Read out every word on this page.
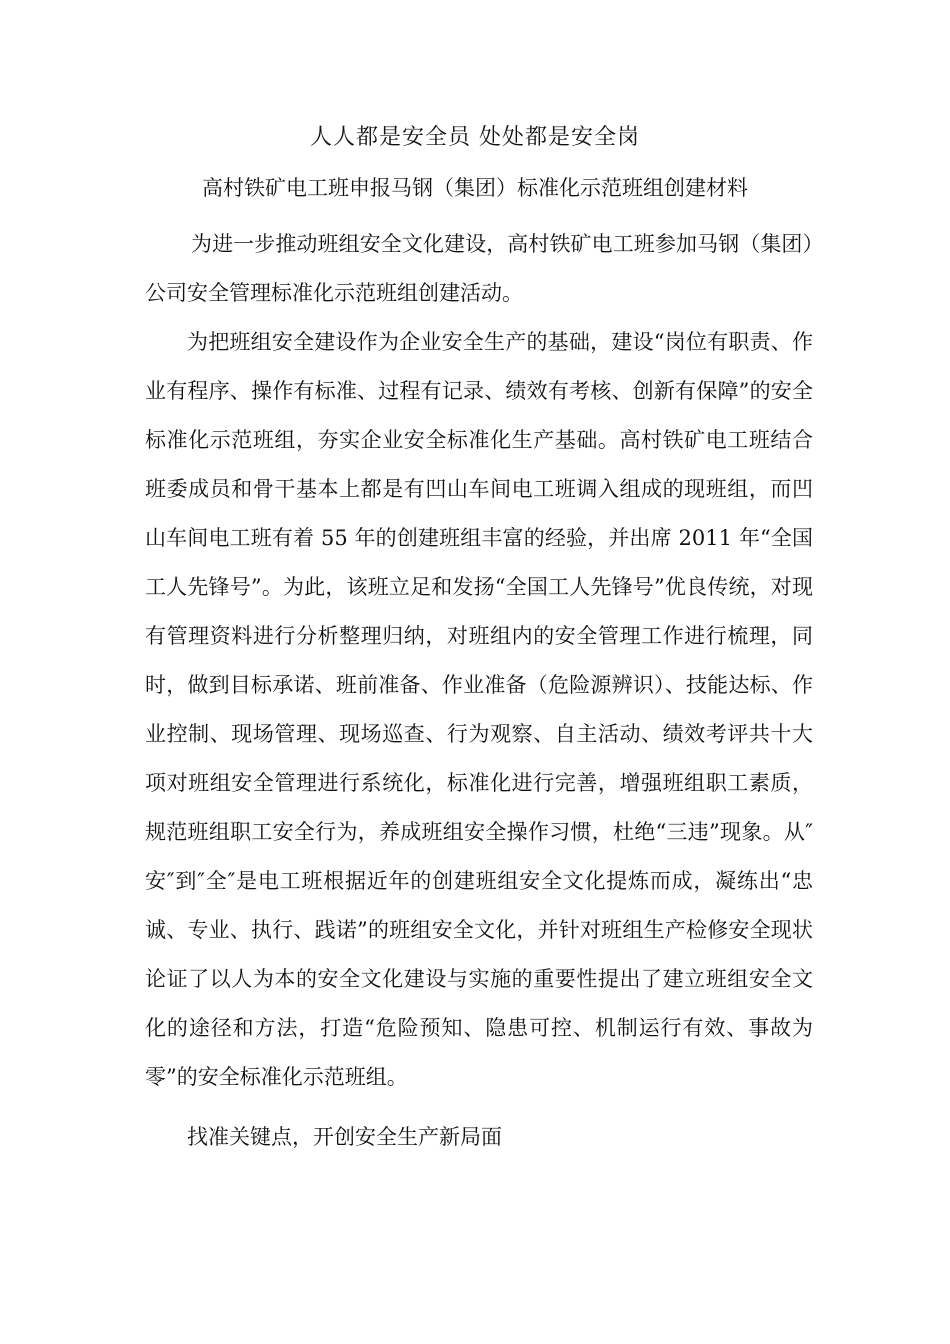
人人都是安全员 处处都是安全岗
高村铁矿电工班申报马钢（集团）标准化示范班组创建材料

为进一步推动班组安全文化建设，高村铁矿电工班参加马钢（集团）公司安全管理标准化示范班组创建活动。

为把班组安全建设作为企业安全生产的基础，建设“岗位有职责、作业有程序、操作有标准、过程有记录、绩效有考核、创新有保障”的安全标准化示范班组，夯实企业安全标准化生产基础。高村铁矿电工班结合班委成员和骨干基本上都是有凹山车间电工班调入组成的现班组，而凹山车间电工班有着 55 年的创建班组丰富的经验，并出席 2011 年“全国工人先锋号”。为此，该班立足和发扬“全国工人先锋号”优良传统，对现有管理资料进行分析整理归纳，对班组内的安全管理工作进行梳理，同时，做到目标承诺、班前准备、作业准备（危险源辨识）、技能达标、作业控制、现场管理、现场巡查、行为观察、自主活动、绩效考评共十大项对班组安全管理进行系统化，标准化进行完善，增强班组职工素质，规范班组职工安全行为，养成班组安全操作习惯，杜绝“三违”现象。从″安″到″全″是电工班根据近年的创建班组安全文化提炼而成，凝练出“忠诚、专业、执行、践诺”的班组安全文化，并针对班组生产检修安全现状论证了以人为本的安全文化建设与实施的重要性提出了建立班组安全文化的途径和方法，打造“危险预知、隐患可控、机制运行有效、事故为零”的安全标准化示范班组。

找准关键点，开创安全生产新局面
